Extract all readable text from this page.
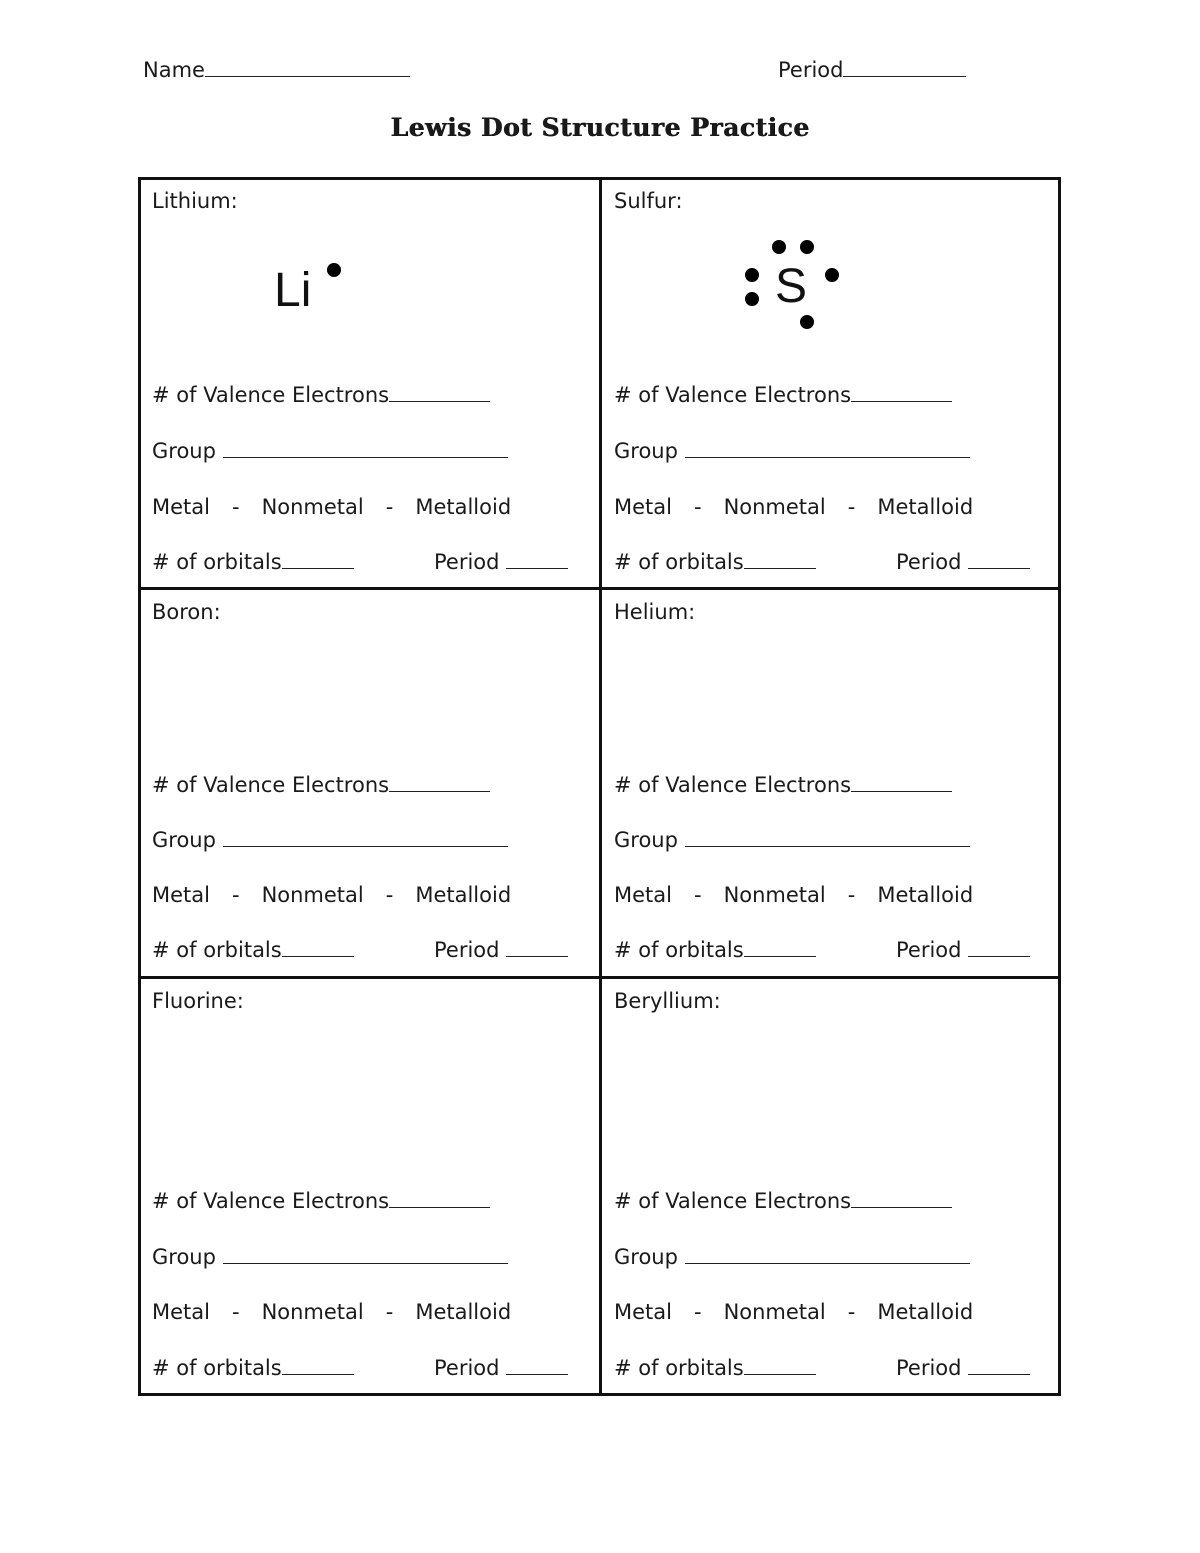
Name	Period
Lewis Dot Structure Practice
Lithium:
Li
# of Valence Electrons
Group
Metal - Nonmetal - Metalloid
# of orbitals	Period
Sulfur:
S
# of Valence Electrons
Group
Metal - Nonmetal - Metalloid
# of orbitals	Period
Boron:
# of Valence Electrons
Group
Metal - Nonmetal - Metalloid
# of orbitals	Period
Helium:
# of Valence Electrons
Group
Metal - Nonmetal - Metalloid
# of orbitals	Period
Fluorine:
# of Valence Electrons
Group
Metal - Nonmetal - Metalloid
# of orbitals	Period
Beryllium:
# of Valence Electrons
Group
Metal - Nonmetal - Metalloid
# of orbitals	Period
